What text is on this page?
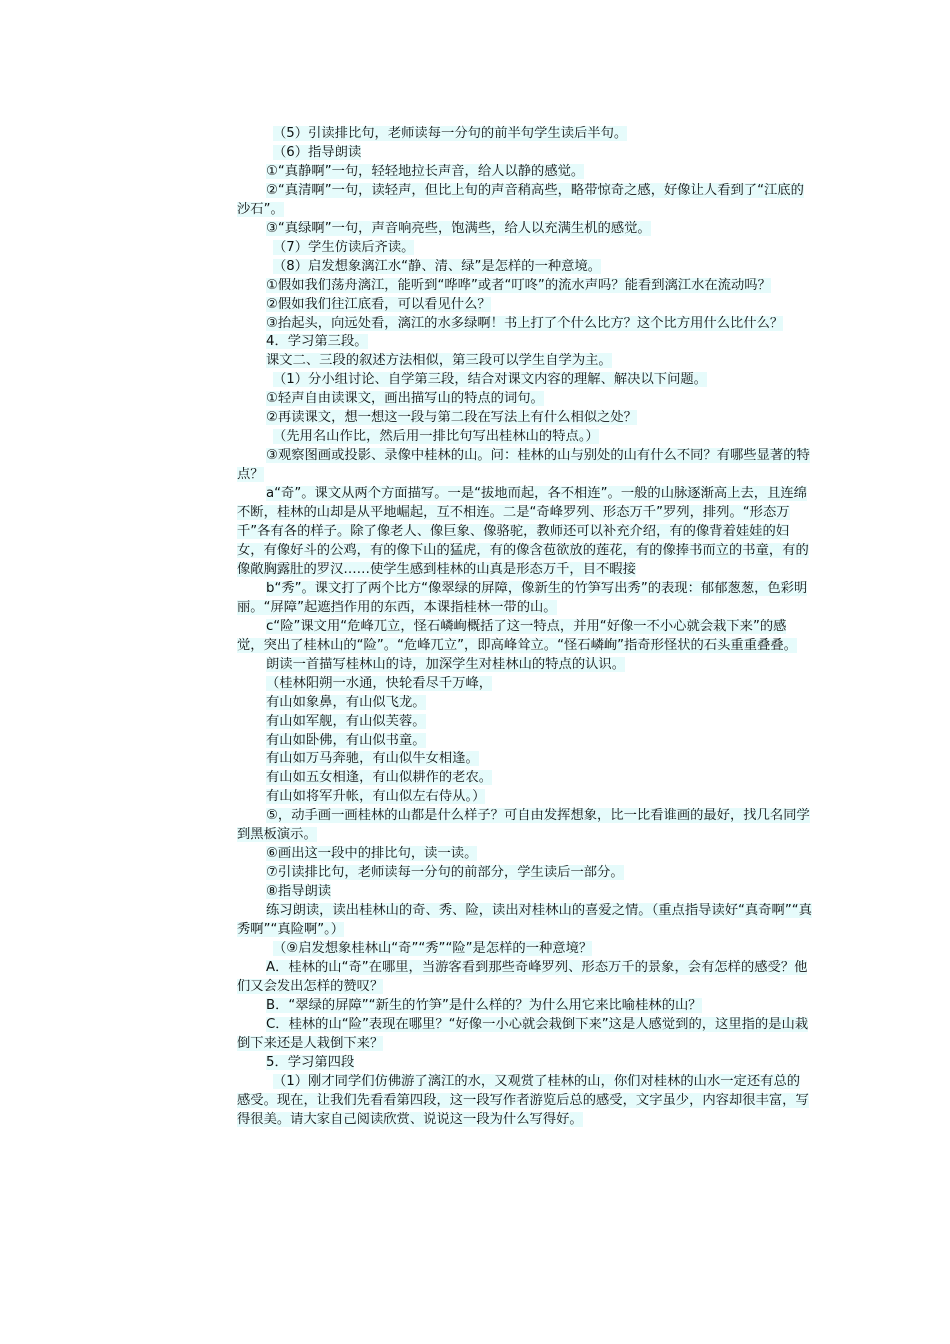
（5）引读排比句，老师读每一分句的前半句学生读后半句。

（6）指导朗读

①“真静啊”一句，轻轻地拉长声音，给人以静的感觉。

②“真清啊”一句，读轻声，但比上旬的声音稍高些，略带惊奇之感，好像让人看到了“江底的沙石”。

③“真绿啊”一句，声音响亮些，饱满些，给人以充满生机的感觉。

（7）学生仿读后齐读。

（8）启发想象漓江水“静、清、绿”是怎样的一种意境。

①假如我们荡舟漓江，能听到“哗哗”或者“叮咚”的流水声吗？能看到漓江水在流动吗？

②假如我们往江底看，可以看见什么？

③抬起头，向远处看，漓江的水多绿啊！书上打了个什么比方？这个比方用什么比什么？

4．学习第三段。

课文二、三段的叙述方法相似，第三段可以学生自学为主。

（1）分小组讨论、自学第三段，结合对课文内容的理解、解决以下问题。

①轻声自由读课文，画出描写山的特点的词句。

②再读课文，想一想这一段与第二段在写法上有什么相似之处？

（先用名山作比，然后用一排比句写出桂林山的特点。）

③观察图画或投影、录像中桂林的山。问：桂林的山与别处的山有什么不同？有哪些显著的特点？

a“奇”。课文从两个方面描写。一是“拔地而起，各不相连”。一般的山脉逐渐高上去，且连绵不断，桂林的山却是从平地崛起，互不相连。二是“奇峰罗列、形态万千”罗列，排列。“形态万千”各有各的样子。除了像老人、像巨象、像骆驼，教师还可以补充介绍，有的像背着娃娃的妇女，有像好斗的公鸡，有的像下山的猛虎，有的像含苞欲放的莲花，有的像捧书而立的书童，有的像敞胸露肚的罗汉……使学生感到桂林的山真是形态万千，目不暇接

b“秀”。课文打了两个比方“像翠绿的屏障，像新生的竹笋写出秀”的表现：郁郁葱葱，色彩明丽。“屏障”起遮挡作用的东西，本课指桂林一带的山。

c“险”课文用“危峰兀立，怪石嶙峋概括了这一特点，并用“好像一不小心就会栽下来”的感觉，突出了桂林山的“险”。“危峰兀立”，即高峰耸立。“怪石嶙峋”指奇形怪状的石头重重叠叠。

朗读一首描写桂林山的诗，加深学生对桂林山的特点的认识。

（桂林阳朔一水通，快轮看尽千万峰，

有山如象鼻，有山似飞龙。

有山如军舰，有山似芙蓉。

有山如卧佛，有山似书童。

有山如万马奔驰，有山似牛女相逢。

有山如五女相逢，有山似耕作的老农。

有山如将军升帐，有山似左右侍从。）

⑤，动手画一画桂林的山都是什么样子？可自由发挥想象，比一比看谁画的最好，找几名同学到黑板演示。

⑥画出这一段中的排比句，读一读。

⑦引读排比句，老师读每一分句的前部分，学生读后一部分。

⑧指导朗读

练习朗读，读出桂林山的奇、秀、险，读出对桂林山的喜爱之情。（重点指导读好“真奇啊”“真秀啊”“真险啊”。）

（⑨启发想象桂林山“奇”“秀”“险”是怎样的一种意境？

A．桂林的山“奇”在哪里，当游客看到那些奇峰罗列、形态万千的景象，会有怎样的感受？他们又会发出怎样的赞叹？

B．“翠绿的屏障”“新生的竹笋”是什么样的？为什么用它来比喻桂林的山？

C．桂林的山“险”表现在哪里？“好像一小心就会栽倒下来”这是人感觉到的，这里指的是山栽倒下来还是人栽倒下来？

5．学习第四段

（1）刚才同学们仿佛游了漓江的水，又观赏了桂林的山，你们对桂林的山水一定还有总的感受。现在，让我们先看看第四段，这一段写作者游览后总的感受，文字虽少，内容却很丰富，写得很美。请大家自己阅读欣赏、说说这一段为什么写得好。
